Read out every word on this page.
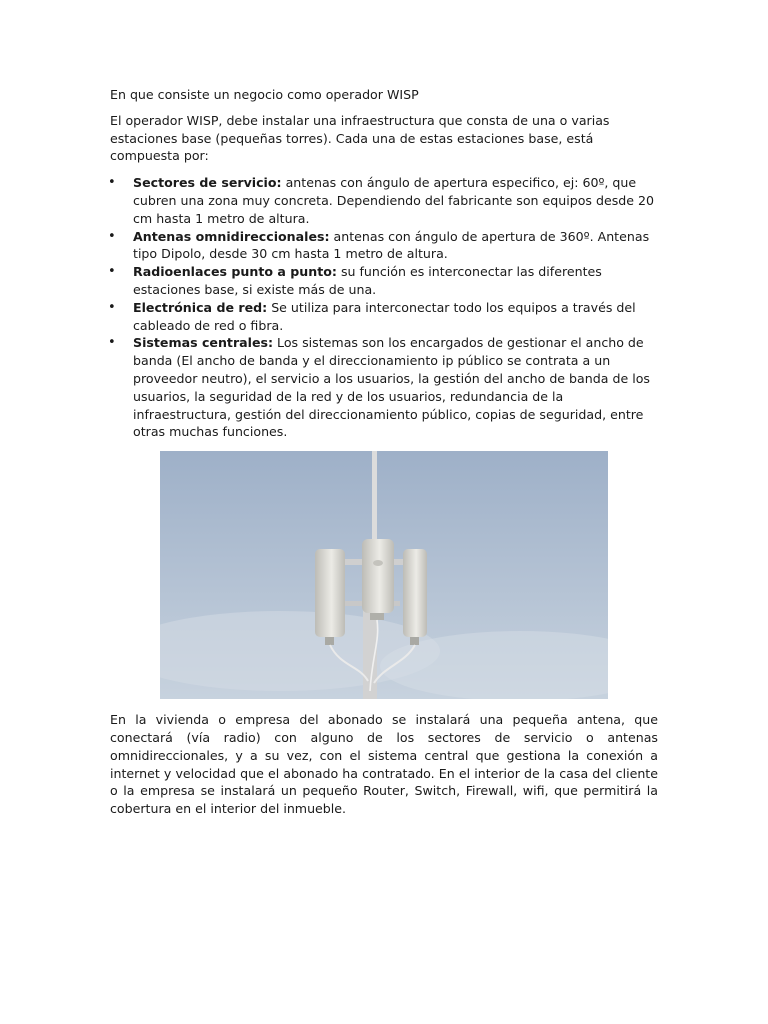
En que consiste un negocio como operador WISP

El operador WISP, debe instalar una infraestructura que consta de una o varias estaciones base (pequeñas torres). Cada una de estas estaciones base, está compuesta por:

• Sectores de servicio: antenas con ángulo de apertura especifico, ej: 60º, que cubren una zona muy concreta. Dependiendo del fabricante son equipos desde 20 cm hasta 1 metro de altura.
• Antenas omnidireccionales: antenas con ángulo de apertura de 360º. Antenas tipo Dipolo, desde 30 cm hasta 1 metro de altura.
• Radioenlaces punto a punto: su función es interconectar las diferentes estaciones base, si existe más de una.
• Electrónica de red: Se utiliza para interconectar todo los equipos a través del cableado de red o fibra.
• Sistemas centrales: Los sistemas son los encargados de gestionar el ancho de banda (El ancho de banda y el direccionamiento ip público se contrata a un proveedor neutro), el servicio a los usuarios, la gestión del ancho de banda de los usuarios, la seguridad de la red y de los usuarios, redundancia de la infraestructura, gestión del direccionamiento público, copias de seguridad, entre otras muchas funciones.

En la vivienda o empresa del abonado se instalará una pequeña antena, que conectará (vía radio) con alguno de los sectores de servicio o antenas omnidireccionales, y a su vez, con el sistema central que gestiona la conexión a internet y velocidad que el abonado ha contratado. En el interior de la casa del cliente o la empresa se instalará un pequeño Router, Switch, Firewall, wifi, que permitirá la cobertura en el interior del inmueble.
